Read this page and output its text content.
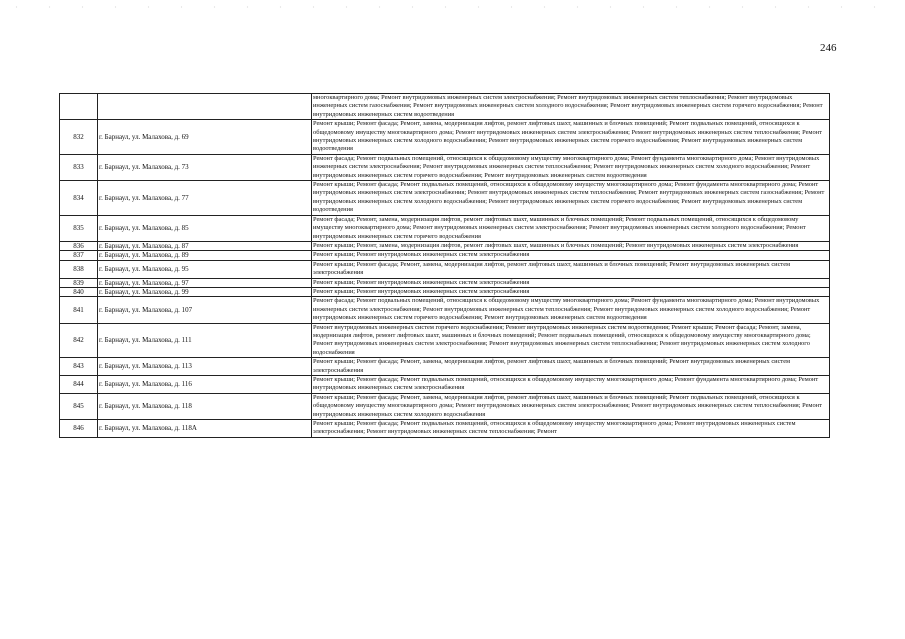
246
		многоквартирного дома; Ремонт внутридомовых инженерных систем электроснабжения; Ремонт внутридомовых инженерных систем теплоснабжения; Ремонт внутридомовых инженерных систем газоснабжения; Ремонт внутридомовых инженерных систем холодного водоснабжения; Ремонт внутридомовых инженерных систем горячего водоснабжения; Ремонт внутридомовых инженерных систем водоотведения
832	г. Барнаул, ул. Малахова, д. 69	Ремонт крыши; Ремонт фасада; Ремонт, замена, модернизация лифтов, ремонт лифтовых шахт, машинных и блочных помещений; Ремонт подвальных помещений, относящихся к общедомовому имуществу многоквартирного дома; Ремонт внутридомовых инженерных систем электроснабжения; Ремонт внутридомовых инженерных систем теплоснабжения; Ремонт внутридомовых инженерных систем холодного водоснабжения; Ремонт внутридомовых инженерных систем горячего водоснабжения; Ремонт внутридомовых инженерных систем водоотведения
833	г. Барнаул, ул. Малахова, д. 73	Ремонт фасада; Ремонт подвальных помещений, относящихся к общедомовому имуществу многоквартирного дома; Ремонт фундамента многоквартирного дома; Ремонт внутридомовых инженерных систем электроснабжения; Ремонт внутридомовых инженерных систем теплоснабжения; Ремонт внутридомовых инженерных систем холодного водоснабжения; Ремонт внутридомовых инженерных систем горячего водоснабжения; Ремонт внутридомовых инженерных систем водоотведения
834	г. Барнаул, ул. Малахова, д. 77	Ремонт крыши; Ремонт фасада; Ремонт подвальных помещений, относящихся к общедомовому имуществу многоквартирного дома; Ремонт фундамента многоквартирного дома; Ремонт внутридомовых инженерных систем электроснабжения; Ремонт внутридомовых инженерных систем теплоснабжения; Ремонт внутридомовых инженерных систем газоснабжения; Ремонт внутридомовых инженерных систем холодного водоснабжения; Ремонт внутридомовых инженерных систем горячего водоснабжения; Ремонт внутридомовых инженерных систем водоотведения
835	г. Барнаул, ул. Малахова, д. 85	Ремонт фасада; Ремонт, замена, модернизация лифтов, ремонт лифтовых шахт, машинных и блочных помещений; Ремонт подвальных помещений, относящихся к общедомовому имуществу многоквартирного дома; Ремонт внутридомовых инженерных систем электроснабжения; Ремонт внутридомовых инженерных систем холодного водоснабжения; Ремонт внутридомовых инженерных систем горячего водоснабжения
836	г. Барнаул, ул. Малахова, д. 87	Ремонт крыши; Ремонт, замена, модернизация лифтов, ремонт лифтовых шахт, машинных и блочных помещений; Ремонт внутридомовых инженерных систем электроснабжения
837	г. Барнаул, ул. Малахова, д. 89	Ремонт крыши; Ремонт внутридомовых инженерных систем электроснабжения
838	г. Барнаул, ул. Малахова, д. 95	Ремонт крыши; Ремонт фасада; Ремонт, замена, модернизация лифтов, ремонт лифтовых шахт, машинных и блочных помещений; Ремонт внутридомовых инженерных систем электроснабжения
839	г. Барнаул, ул. Малахова, д. 97	Ремонт крыши; Ремонт внутридомовых инженерных систем электроснабжения
840	г. Барнаул, ул. Малахова, д. 99	Ремонт крыши; Ремонт внутридомовых инженерных систем электроснабжения
841	г. Барнаул, ул. Малахова, д. 107	Ремонт фасада; Ремонт подвальных помещений, относящихся к общедомовому имуществу многоквартирного дома; Ремонт фундамента многоквартирного дома; Ремонт внутридомовых инженерных систем электроснабжения; Ремонт внутридомовых инженерных систем теплоснабжения; Ремонт внутридомовых инженерных систем холодного водоснабжения; Ремонт внутридомовых инженерных систем горячего водоснабжения; Ремонт внутридомовых инженерных систем водоотведения
842	г. Барнаул, ул. Малахова, д. 111	Ремонт внутридомовых инженерных систем горячего водоснабжения; Ремонт внутридомовых инженерных систем водоотведения; Ремонт крыши; Ремонт фасада; Ремонт, замена, модернизация лифтов, ремонт лифтовых шахт, машинных и блочных помещений; Ремонт подвальных помещений, относящихся к общедомовому имуществу многоквартирного дома; Ремонт внутридомовых инженерных систем электроснабжения; Ремонт внутридомовых инженерных систем теплоснабжения; Ремонт внутридомовых инженерных систем холодного водоснабжения
843	г. Барнаул, ул. Малахова, д. 113	Ремонт крыши; Ремонт фасада; Ремонт, замена, модернизация лифтов, ремонт лифтовых шахт, машинных и блочных помещений; Ремонт внутридомовых инженерных систем электроснабжения
844	г. Барнаул, ул. Малахова, д. 116	Ремонт крыши; Ремонт фасада; Ремонт подвальных помещений, относящихся к общедомовому имуществу многоквартирного дома; Ремонт фундамента многоквартирного дома; Ремонт внутридомовых инженерных систем электроснабжения
845	г. Барнаул, ул. Малахова, д. 118	Ремонт крыши; Ремонт фасада; Ремонт, замена, модернизация лифтов, ремонт лифтовых шахт, машинных и блочных помещений; Ремонт подвальных помещений, относящихся к общедомовому имуществу многоквартирного дома; Ремонт внутридомовых инженерных систем электроснабжения; Ремонт внутридомовых инженерных систем теплоснабжения; Ремонт внутридомовых инженерных систем холодного водоснабжения
846	г. Барнаул, ул. Малахова, д. 118А	Ремонт крыши; Ремонт фасада; Ремонт подвальных помещений, относящихся к общедомовому имуществу многоквартирного дома; Ремонт внутридомовых инженерных систем электроснабжения; Ремонт внутридомовых инженерных систем теплоснабжения; Ремонт
